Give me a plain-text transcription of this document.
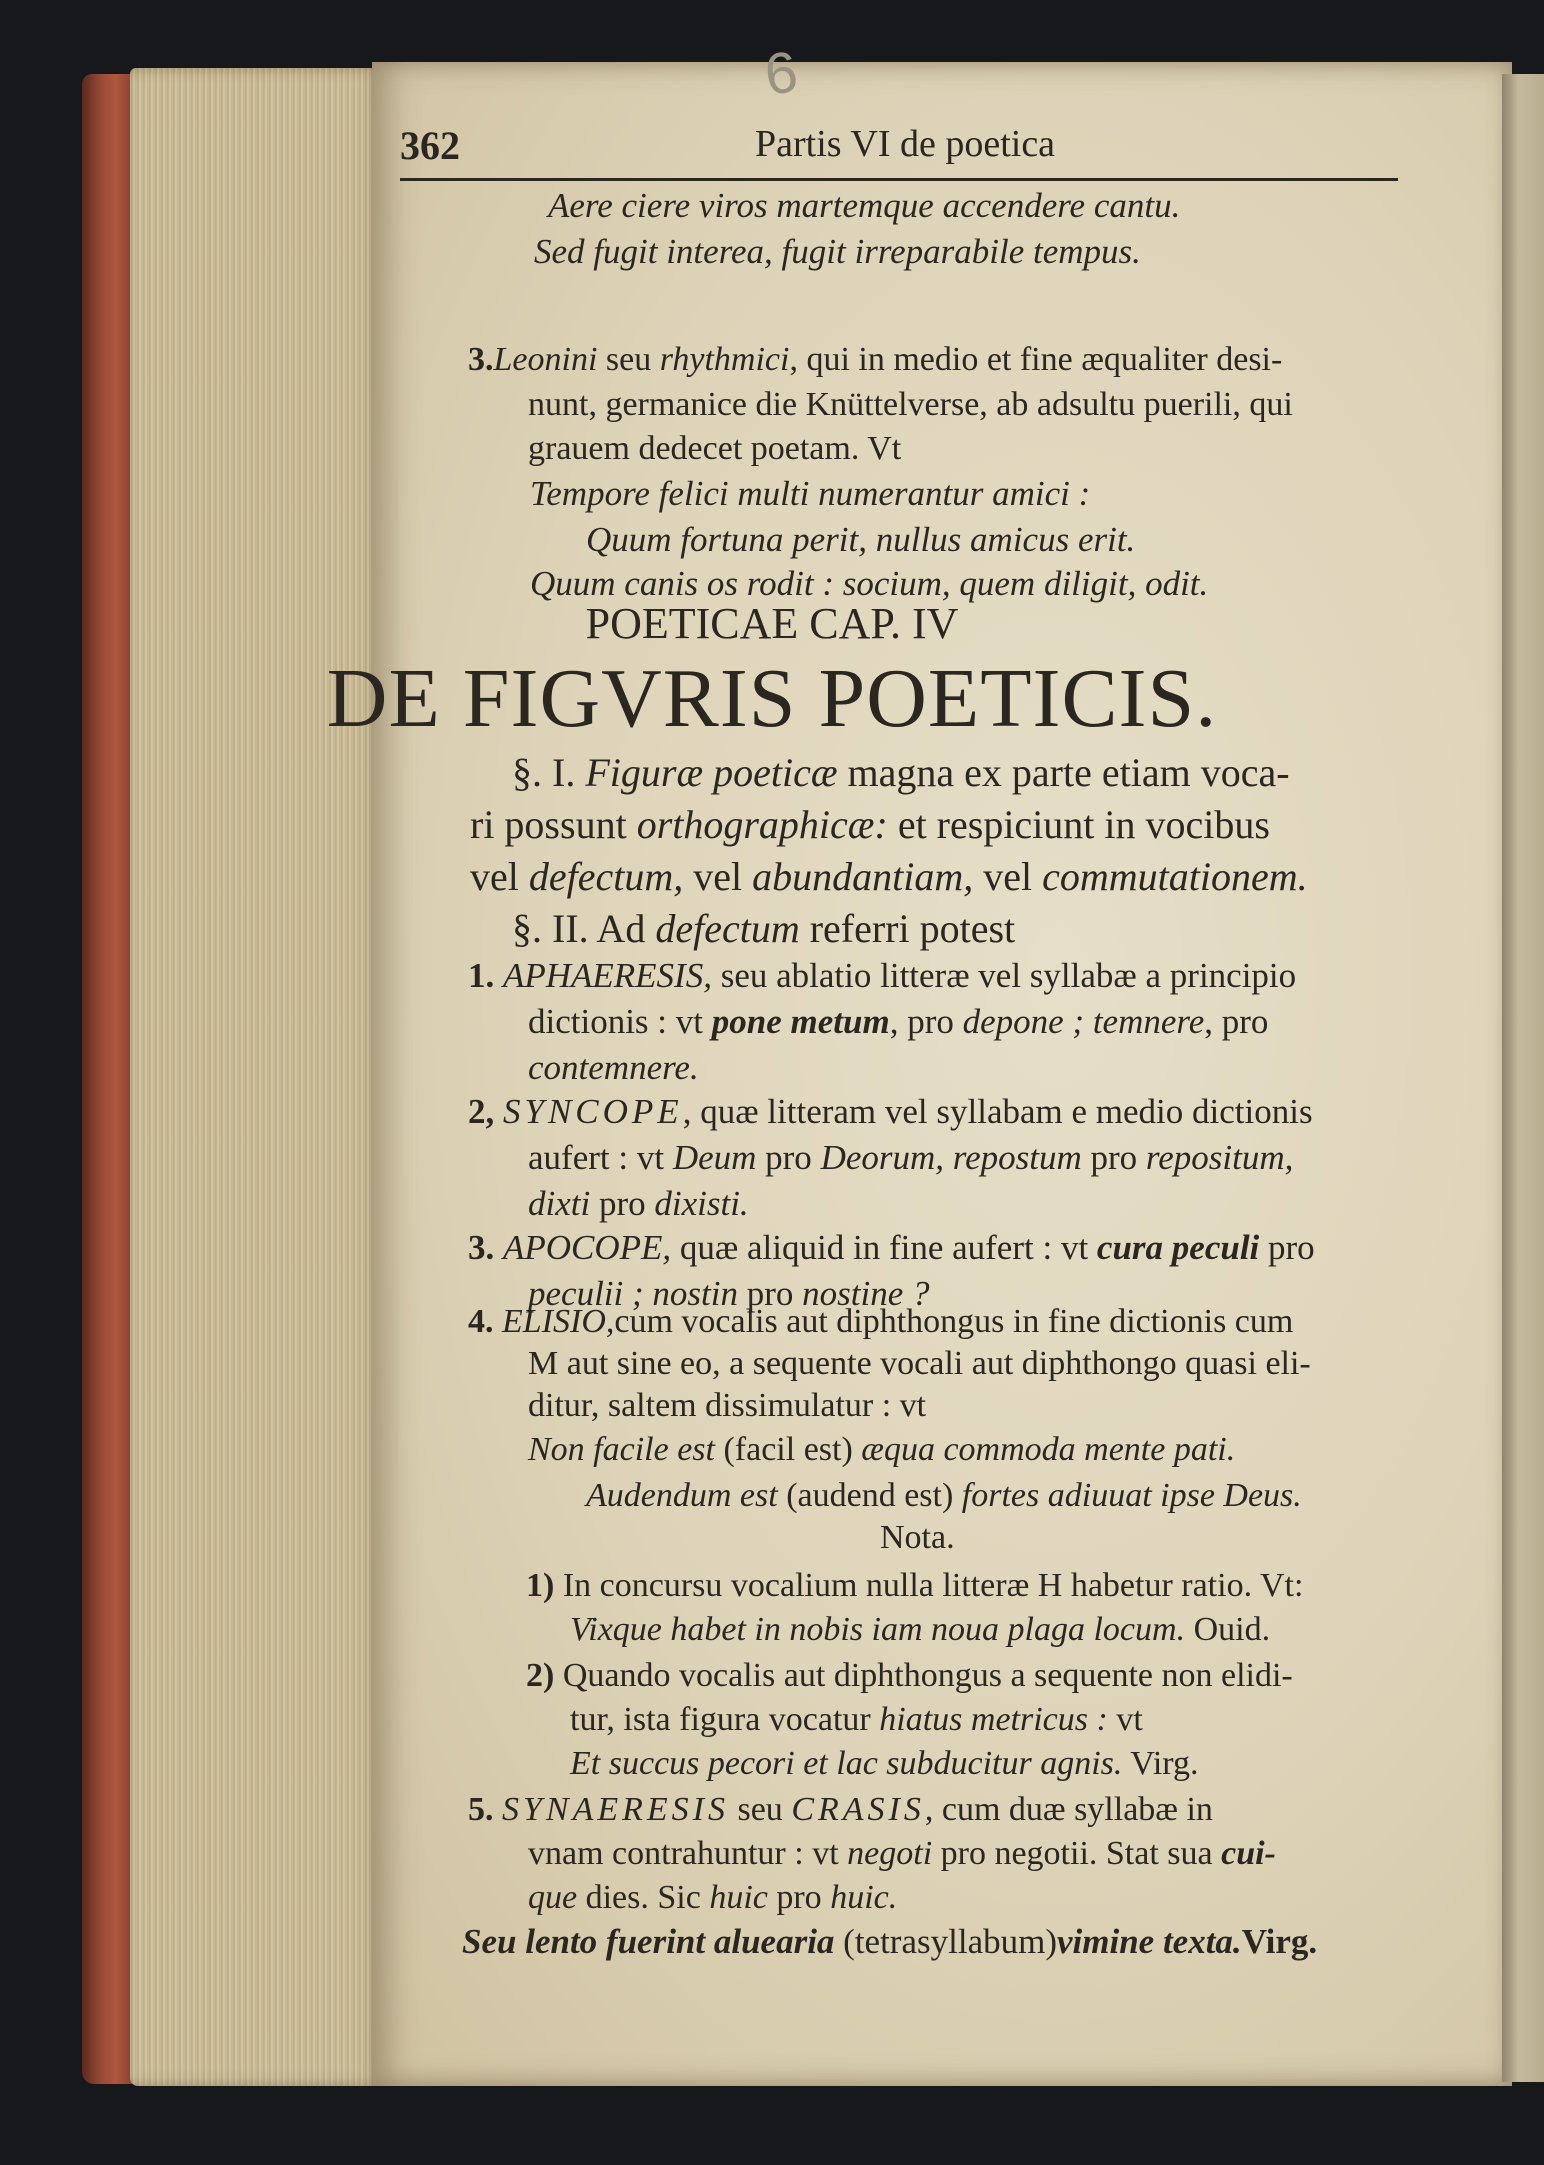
6
362	Partis VI de poetica
Aere ciere viros martemque accendere cantu.
Sed fugit interea, fugit irreparabile tempus.
Tempore felici multi numerantur amici :
Quum fortuna perit, nullus amicus erit.
Quum canis os rodit : socium, quem diligit, odit.
POETICAE CAP. IV
DE FIGVRIS POETICIS.
§. I. Figuræ poeticæ magna ex parte etiam voca-
ri possunt orthographicæ: et respiciunt in vocibus
vel defectum, vel abundantiam, vel commutationem.
§. II. Ad defectum referri potest
1. APHAERESIS, seu ablatio litteræ vel syllabæ a principio
dictionis : vt pone metum, pro depone ; temnere, pro
contemnere.
2, SYNCOPE, quæ litteram vel syllabam e medio dictionis
aufert : vt Deum pro Deorum, repostum pro repositum,
dixti pro dixisti.
3. APOCOPE, quæ aliquid in fine aufert : vt cura peculi pro
peculii ; nostin pro nostine ?
4. ELISIO,cum vocalis aut diphthongus in fine dictionis cum
M aut sine eo, a sequente vocali aut diphthongo quasi eli-
ditur, saltem dissimulatur : vt
Non facile est (facil est) æqua commoda mente pati.
Audendum est (audend est) fortes adiuuat ipse Deus.
Nota.
1) In concursu vocalium nulla litteræ H habetur ratio. Vt:
Vixque habet in nobis iam noua plaga locum. Ouid.
2) Quando vocalis aut diphthongus a sequente non elidi-
tur, ista figura vocatur hiatus metricus : vt
Et succus pecori et lac subducitur agnis. Virg.
5. SYNAERESIS seu CRASIS, cum duæ syllabæ in
vnam contrahuntur : vt negoti pro negotii. Stat sua cui-
que dies. Sic huic pro huic.
Seu lento fuerint aluearia (tetrasyllabum)vimine texta.Virg.
3.Leonini seu rhythmici, qui in medio et fine æqualiter desi-
nunt, germanice die Knüttelverse, ab adsultu puerili, qui
grauem dedecet poetam. Vt
